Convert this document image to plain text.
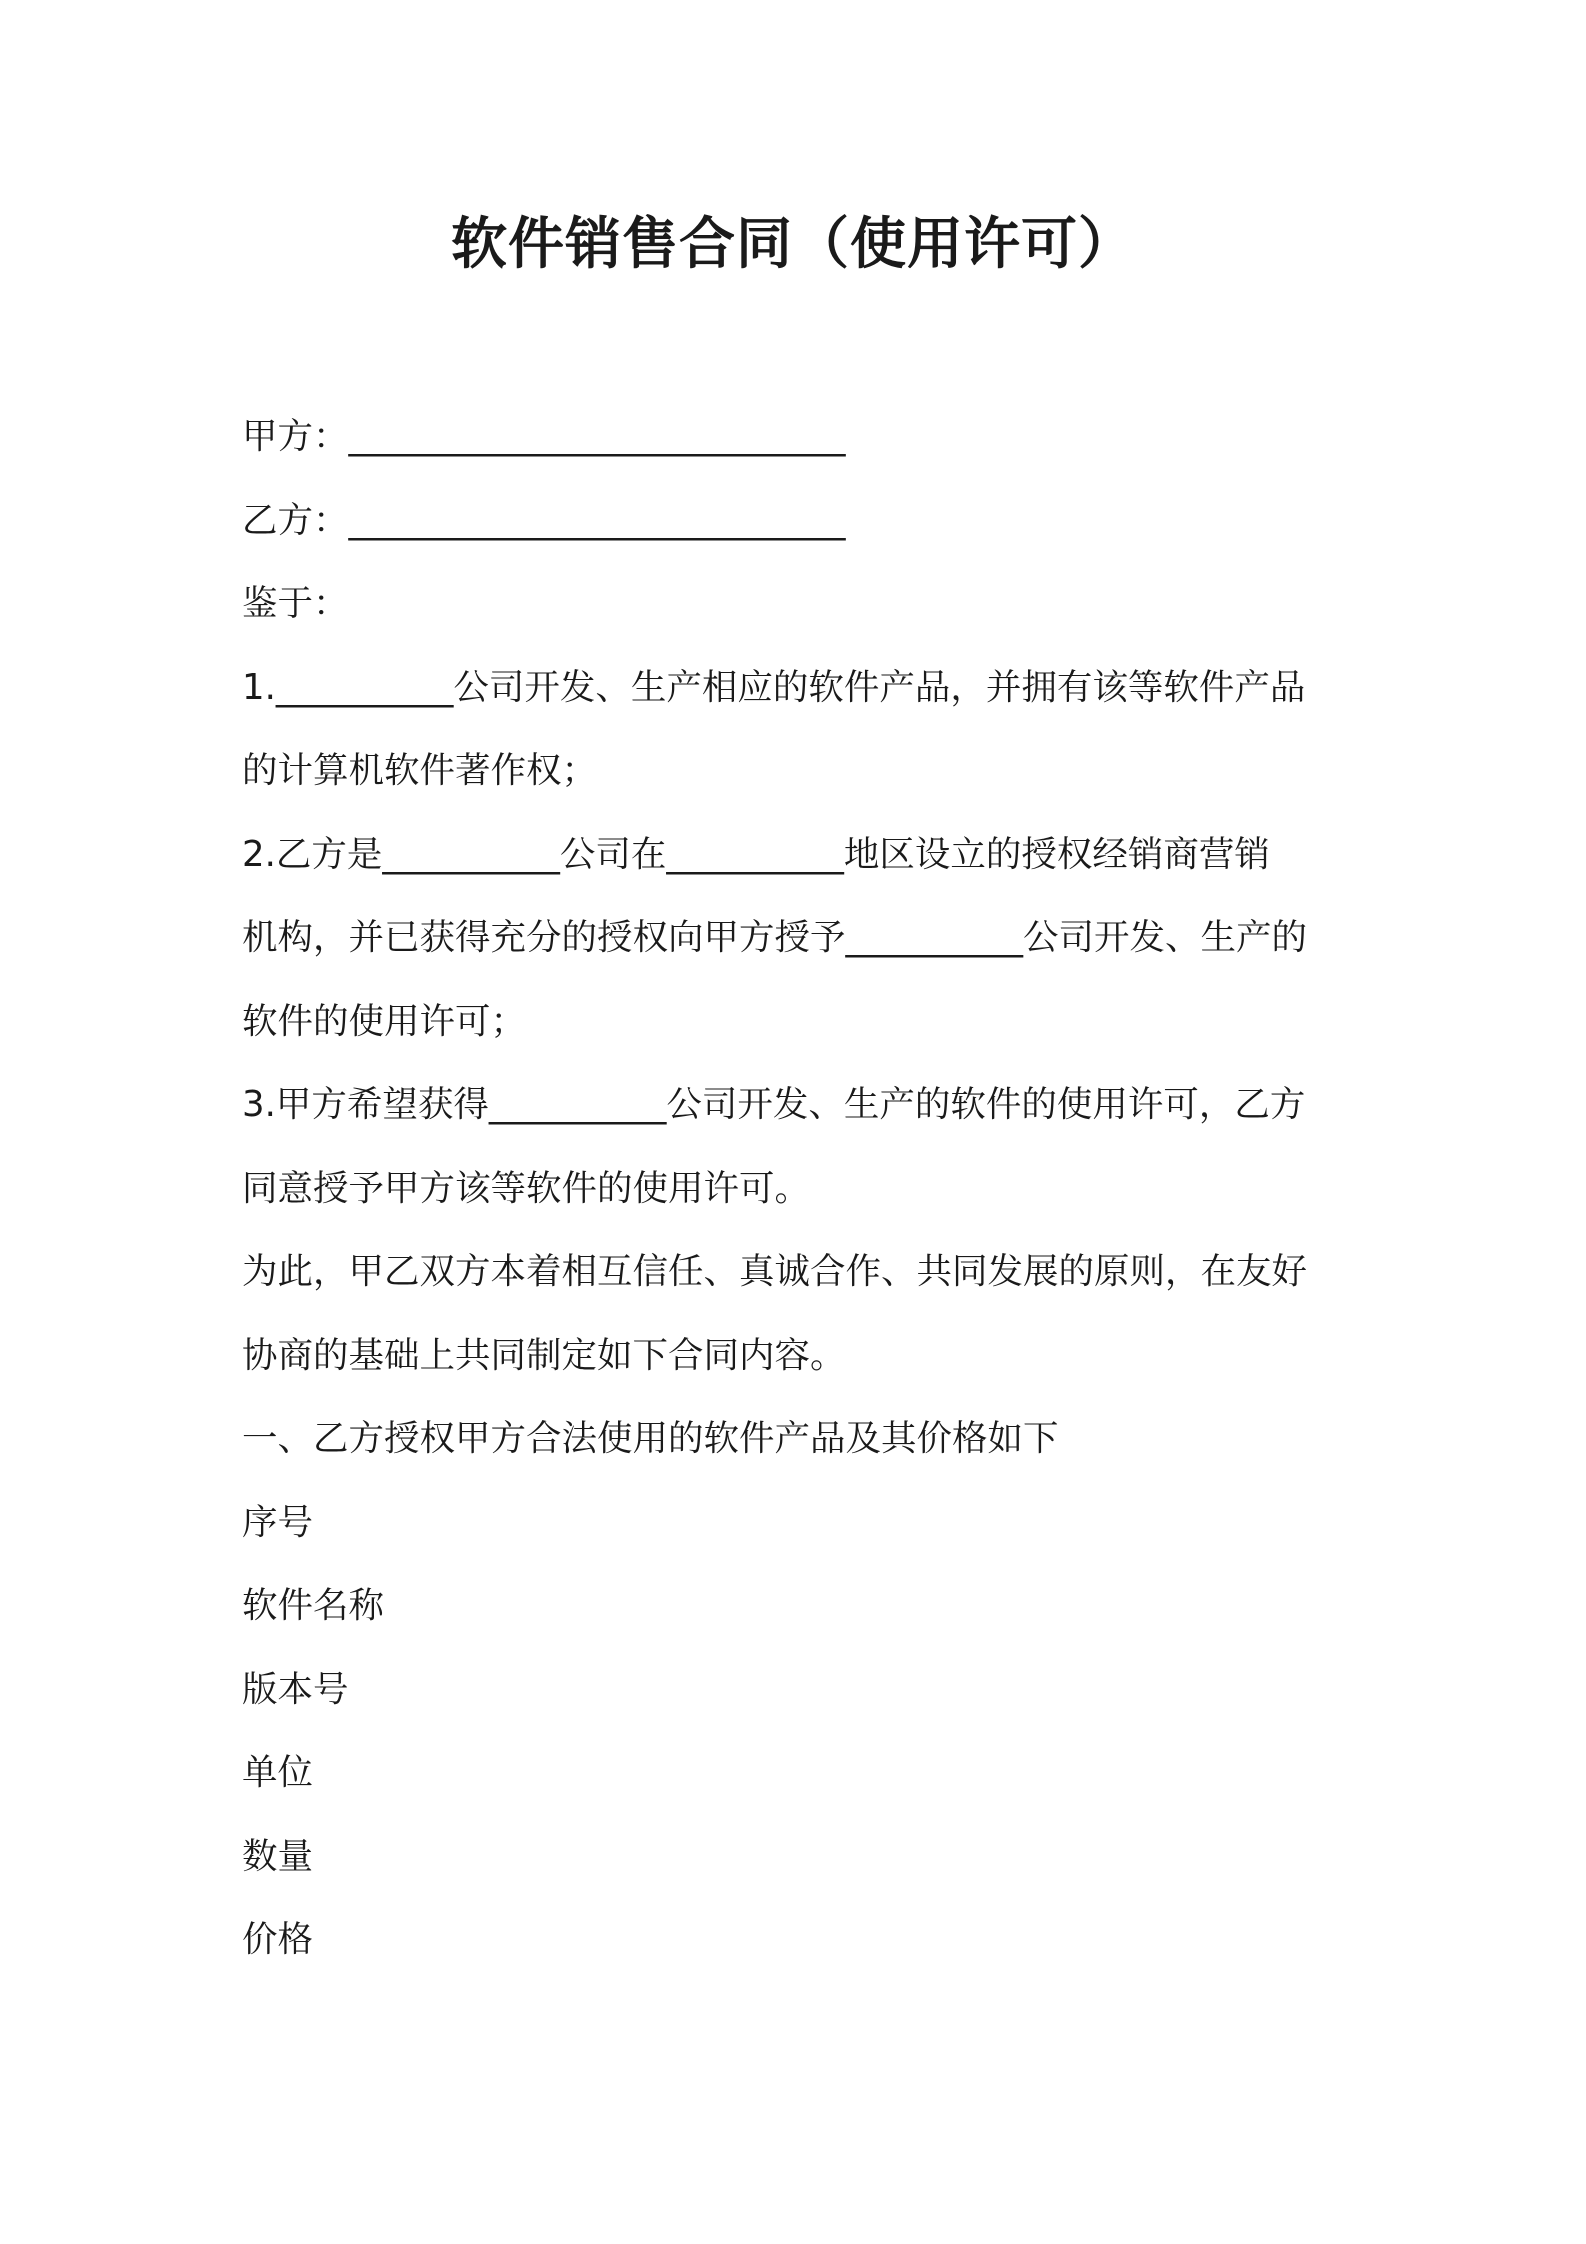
软件销售合同（使用许可）
甲方：____________________________
乙方：____________________________
鉴于：
1.__________公司开发、生产相应的软件产品，并拥有该等软件产品
的计算机软件著作权；
2.乙方是__________公司在__________地区设立的授权经销商营销
机构，并已获得充分的授权向甲方授予__________公司开发、生产的
软件的使用许可；
3.甲方希望获得__________公司开发、生产的软件的使用许可，乙方
同意授予甲方该等软件的使用许可。
为此，甲乙双方本着相互信任、真诚合作、共同发展的原则，在友好
协商的基础上共同制定如下合同内容。
一、乙方授权甲方合法使用的软件产品及其价格如下
序号
软件名称
版本号
单位
数量
价格
